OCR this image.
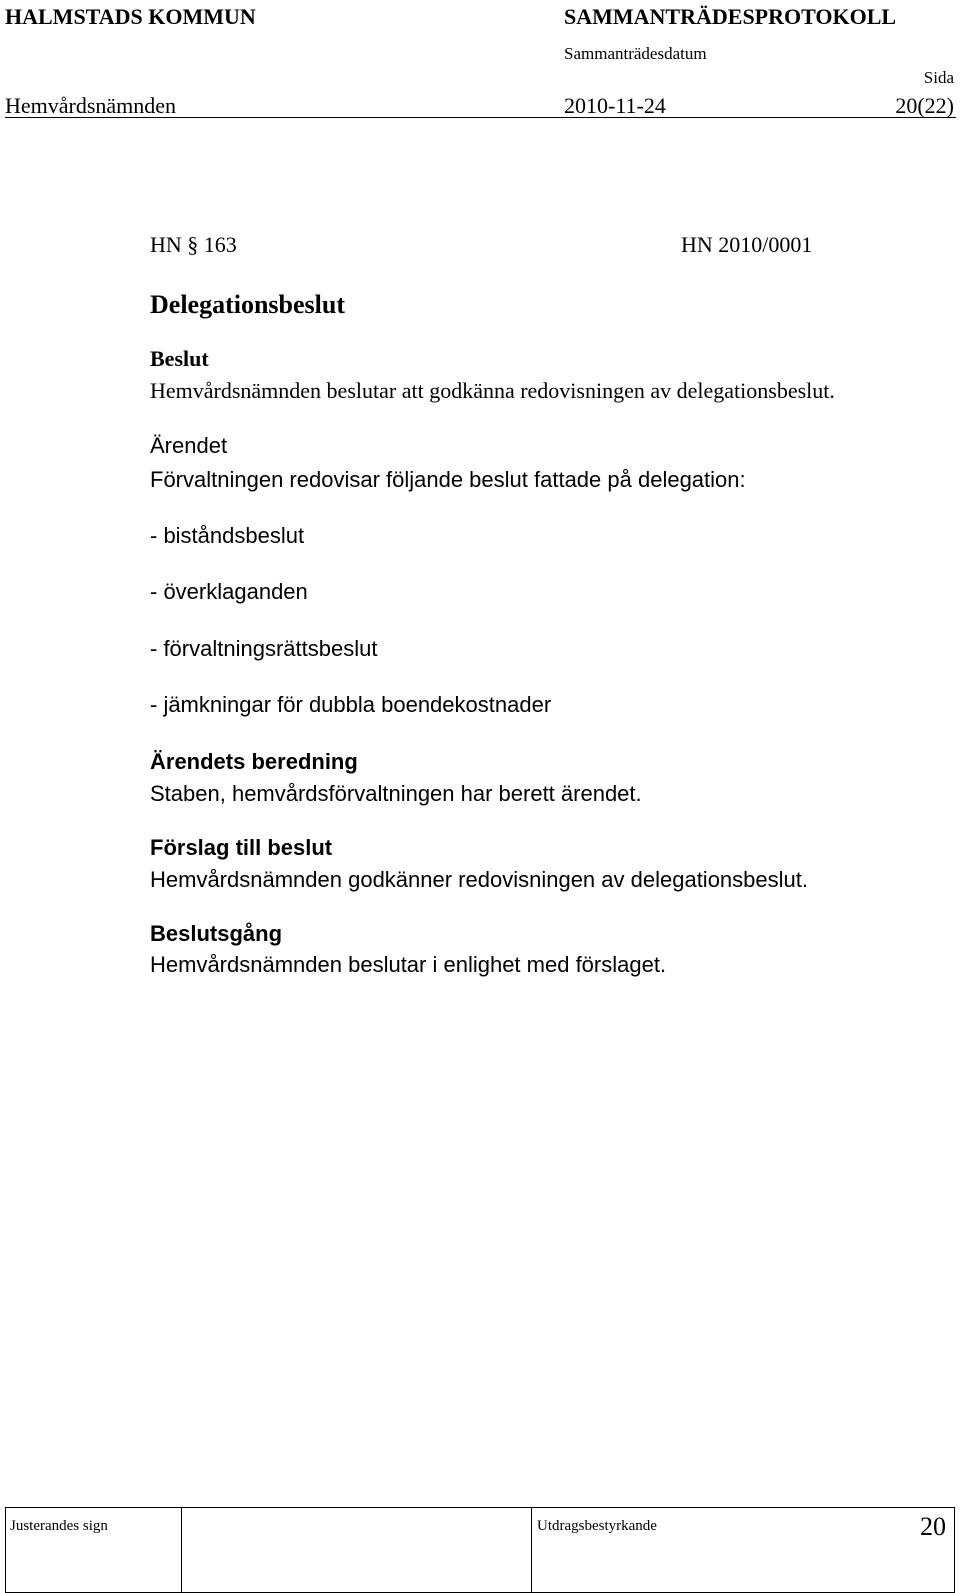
HALMSTADS KOMMUN	SAMMANTRÄDESPROTOKOLL
Sammanträdesdatum
Sida
Hemvårdsnämnden	2010-11-24	20(22)
HN § 163	HN 2010/0001
Delegationsbeslut
Beslut
Hemvårdsnämnden beslutar att godkänna redovisningen av delegationsbeslut.
Ärendet
Förvaltningen redovisar följande beslut fattade på delegation:
- biståndsbeslut
- överklaganden
- förvaltningsrättsbeslut
- jämkningar för dubbla boendekostnader
Ärendets beredning
Staben, hemvårdsförvaltningen har berett ärendet.
Förslag till beslut
Hemvårdsnämnden godkänner redovisningen av delegationsbeslut.
Beslutsgång
Hemvårdsnämnden beslutar i enlighet med förslaget.
Justerandes sign	Utdragsbestyrkande	20
